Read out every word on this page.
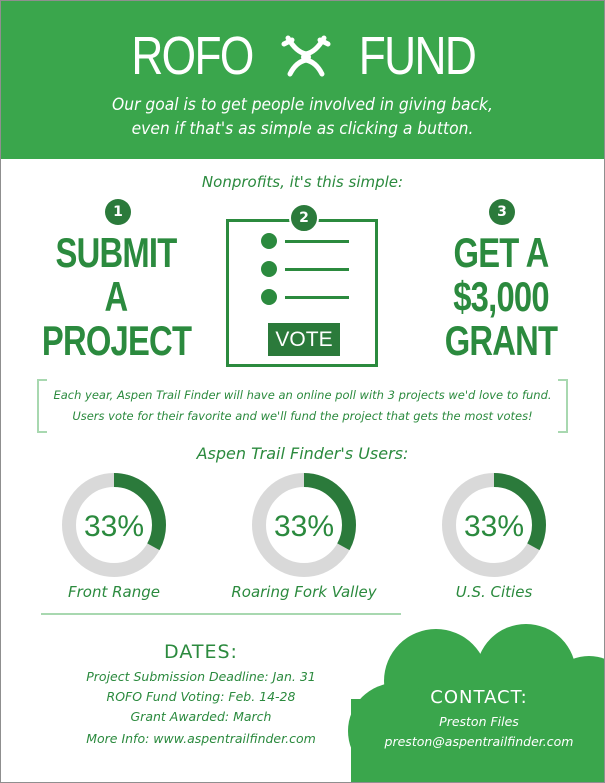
ROFO FUND
Our goal is to get people involved in giving back,
even if that's as simple as clicking a button.
Nonprofits, it's this simple:
1
SUBMIT
A
PROJECT	VOTE
2	3
GET A
$3,000
GRANT
Each year, Aspen Trail Finder will have an online poll with 3 projects we'd love to fund.
Users vote for their favorite and we'll fund the project that gets the most votes!
Aspen Trail Finder's Users:
33%
Front Range
33%
Roaring Fork Valley
33%
U.S. Cities
DATES:
Project Submission Deadline: Jan. 31
ROFO Fund Voting: Feb. 14-28
Grant Awarded: March
More Info: www.aspentrailfinder.com
CONTACT:
Preston Files
preston@aspentrailfinder.com
